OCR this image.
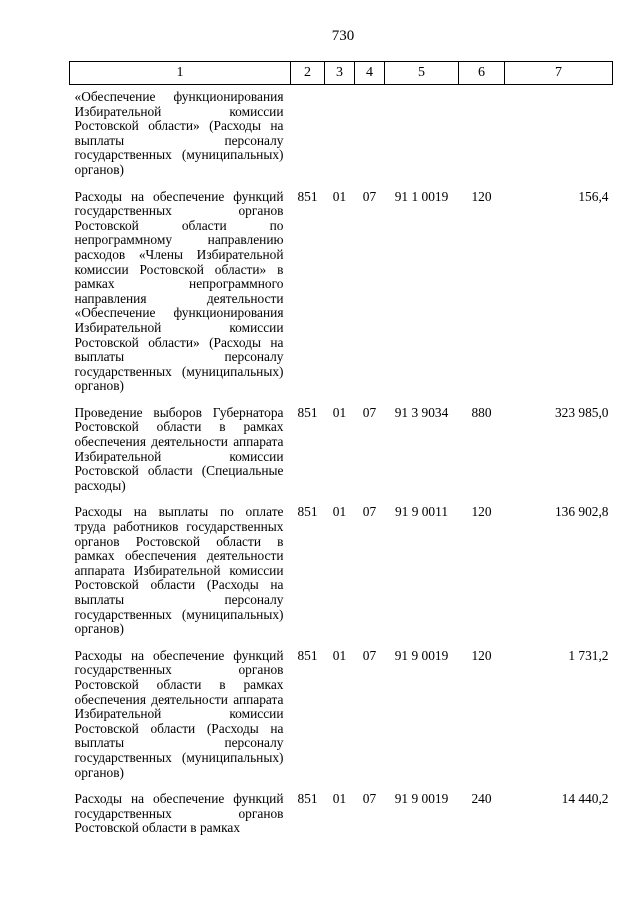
730
1	2	3	4	5	6	7
«Обеспечение функционирования Избирательной комиссии Ростовской области» (Расходы на выплаты персоналу государственных (муниципальных) органов)						
Расходы на обеспечение функций государственных органов Ростовской области по непрограммному направлению расходов «Члены Избирательной комиссии Ростовской области» в рамках непрограммного направления деятельности «Обеспечение функционирования Избирательной комиссии Ростовской области» (Расходы на выплаты персоналу государственных (муниципальных) органов)	851	01	07	91 1 0019	120	156,4
Проведение выборов Губернатора Ростовской области в рамках обеспечения деятельности аппарата Избирательной комиссии Ростовской области (Специальные расходы)	851	01	07	91 3 9034	880	323 985,0
Расходы на выплаты по оплате труда работников государственных органов Ростовской области в рамках обеспечения деятельности аппарата Избирательной комиссии Ростовской области (Расходы на выплаты персоналу государственных (муниципальных) органов)	851	01	07	91 9 0011	120	136 902,8
Расходы на обеспечение функций государственных органов Ростовской области в рамках обеспечения деятельности аппарата Избирательной комиссии Ростовской области (Расходы на выплаты персоналу государственных (муниципальных) органов)	851	01	07	91 9 0019	120	1 731,2
Расходы на обеспечение функций государственных органов Ростовской области в рамках	851	01	07	91 9 0019	240	14 440,2
